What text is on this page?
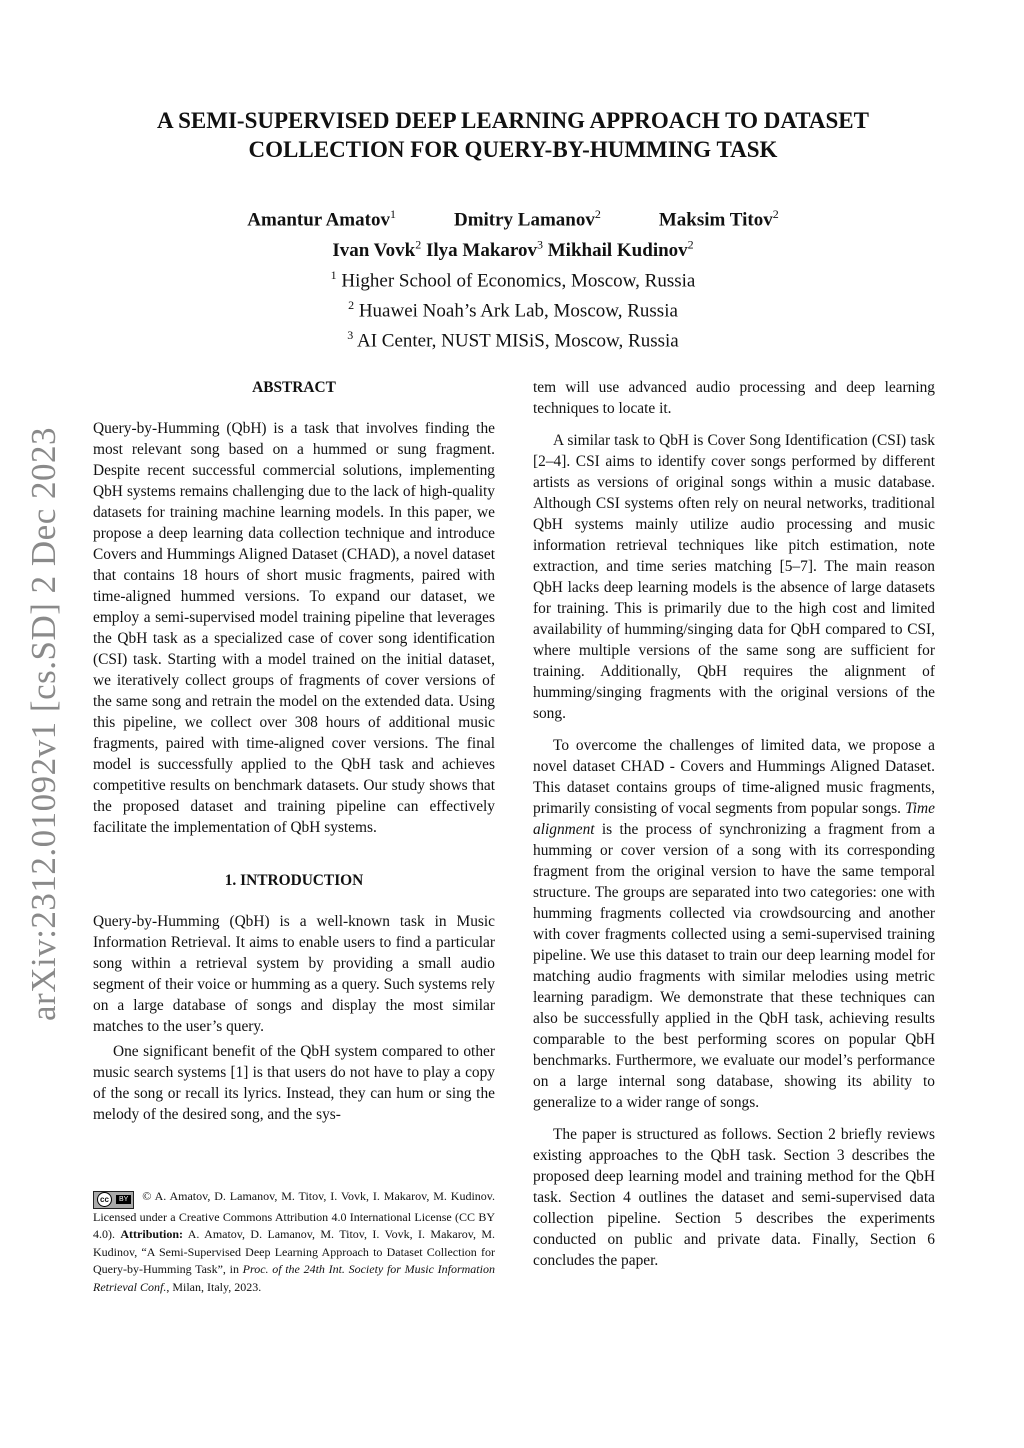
arXiv:2312.01092v1 [cs.SD] 2 Dec 2023
A SEMI-SUPERVISED DEEP LEARNING APPROACH TO DATASET COLLECTION FOR QUERY-BY-HUMMING TASK
Amantur Amatov$^1$	Dmitry Lamanov$^2$	Maksim Titov$^2$
Ivan Vovk$^2$ Ilya Makarov$^3$ Mikhail Kudinov$^2$
$^1$ Higher School of Economics, Moscow, Russia
$^2$ Huawei Noah’s Ark Lab, Moscow, Russia
$^3$ AI Center, NUST MISiS, Moscow, Russia
ABSTRACT

Query-by-Humming (QbH) is a task that involves finding the most relevant song based on a hummed or sung fragment. Despite recent successful commercial solutions, implementing QbH systems remains challenging due to the lack of high-quality datasets for training machine learning models. In this paper, we propose a deep learning data collection technique and introduce Covers and Hummings Aligned Dataset (CHAD), a novel dataset that contains 18 hours of short music fragments, paired with time-aligned hummed versions. To expand our dataset, we employ a semi-supervised model training pipeline that leverages the QbH task as a specialized case of cover song identification (CSI) task. Starting with a model trained on the initial dataset, we iteratively collect groups of fragments of cover versions of the same song and retrain the model on the extended data. Using this pipeline, we collect over 308 hours of additional music fragments, paired with time-aligned cover versions. The final model is successfully applied to the QbH task and achieves competitive results on benchmark datasets. Our study shows that the proposed dataset and training pipeline can effectively facilitate the implementation of QbH systems.

1. INTRODUCTION

Query-by-Humming (QbH) is a well-known task in Music Information Retrieval. It aims to enable users to find a particular song within a retrieval system by providing a small audio segment of their voice or humming as a query. Such systems rely on a large database of songs and display the most similar matches to the user’s query.

One significant benefit of the QbH system compared to other music search systems [1] is that users do not have to play a copy of the song or recall its lyrics. Instead, they can hum or sing the melody of the desired song, and the sys-

tem will use advanced audio processing and deep learning techniques to locate it.

A similar task to QbH is Cover Song Identification (CSI) task [2–4]. CSI aims to identify cover songs performed by different artists as versions of original songs within a music database. Although CSI systems often rely on neural networks, traditional QbH systems mainly utilize audio processing and music information retrieval techniques like pitch estimation, note extraction, and time series matching [5–7]. The main reason QbH lacks deep learning models is the absence of large datasets for training. This is primarily due to the high cost and limited availability of humming/singing data for QbH compared to CSI, where multiple versions of the same song are sufficient for training. Additionally, QbH requires the alignment of humming/singing fragments with the original versions of the song.

To overcome the challenges of limited data, we propose a novel dataset CHAD - Covers and Hummings Aligned Dataset. This dataset contains groups of time-aligned music fragments, primarily consisting of vocal segments from popular songs. Time alignment is the process of synchronizing a fragment from a humming or cover version of a song with its corresponding fragment from the original version to have the same temporal structure. The groups are separated into two categories: one with humming fragments collected via crowdsourcing and another with cover fragments collected using a semi-supervised training pipeline. We use this dataset to train our deep learning model for matching audio fragments with similar melodies using metric learning paradigm. We demonstrate that these techniques can also be successfully applied in the QbH task, achieving results comparable to the best performing scores on popular QbH benchmarks. Furthermore, we evaluate our model’s performance on a large internal song database, showing its ability to generalize to a wider range of songs.

The paper is structured as follows. Section 2 briefly reviews existing approaches to the QbH task. Section 3 describes the proposed deep learning model and training method for the QbH task. Section 4 outlines the dataset and semi-supervised data collection pipeline. Section 5 describes the experiments conducted on public and private data. Finally, Section 6 concludes the paper.

cc	BY © A. Amatov, D. Lamanov, M. Titov, I. Vovk, I. Makarov, M. Kudinov. Licensed under a Creative Commons Attribution 4.0 International License (CC BY 4.0). Attribution: A. Amatov, D. Lamanov, M. Titov, I. Vovk, I. Makarov, M. Kudinov, “A Semi-Supervised Deep Learning Approach to Dataset Collection for Query-by-Humming Task”, in Proc. of the 24th Int. Society for Music Information Retrieval Conf., Milan, Italy, 2023.
